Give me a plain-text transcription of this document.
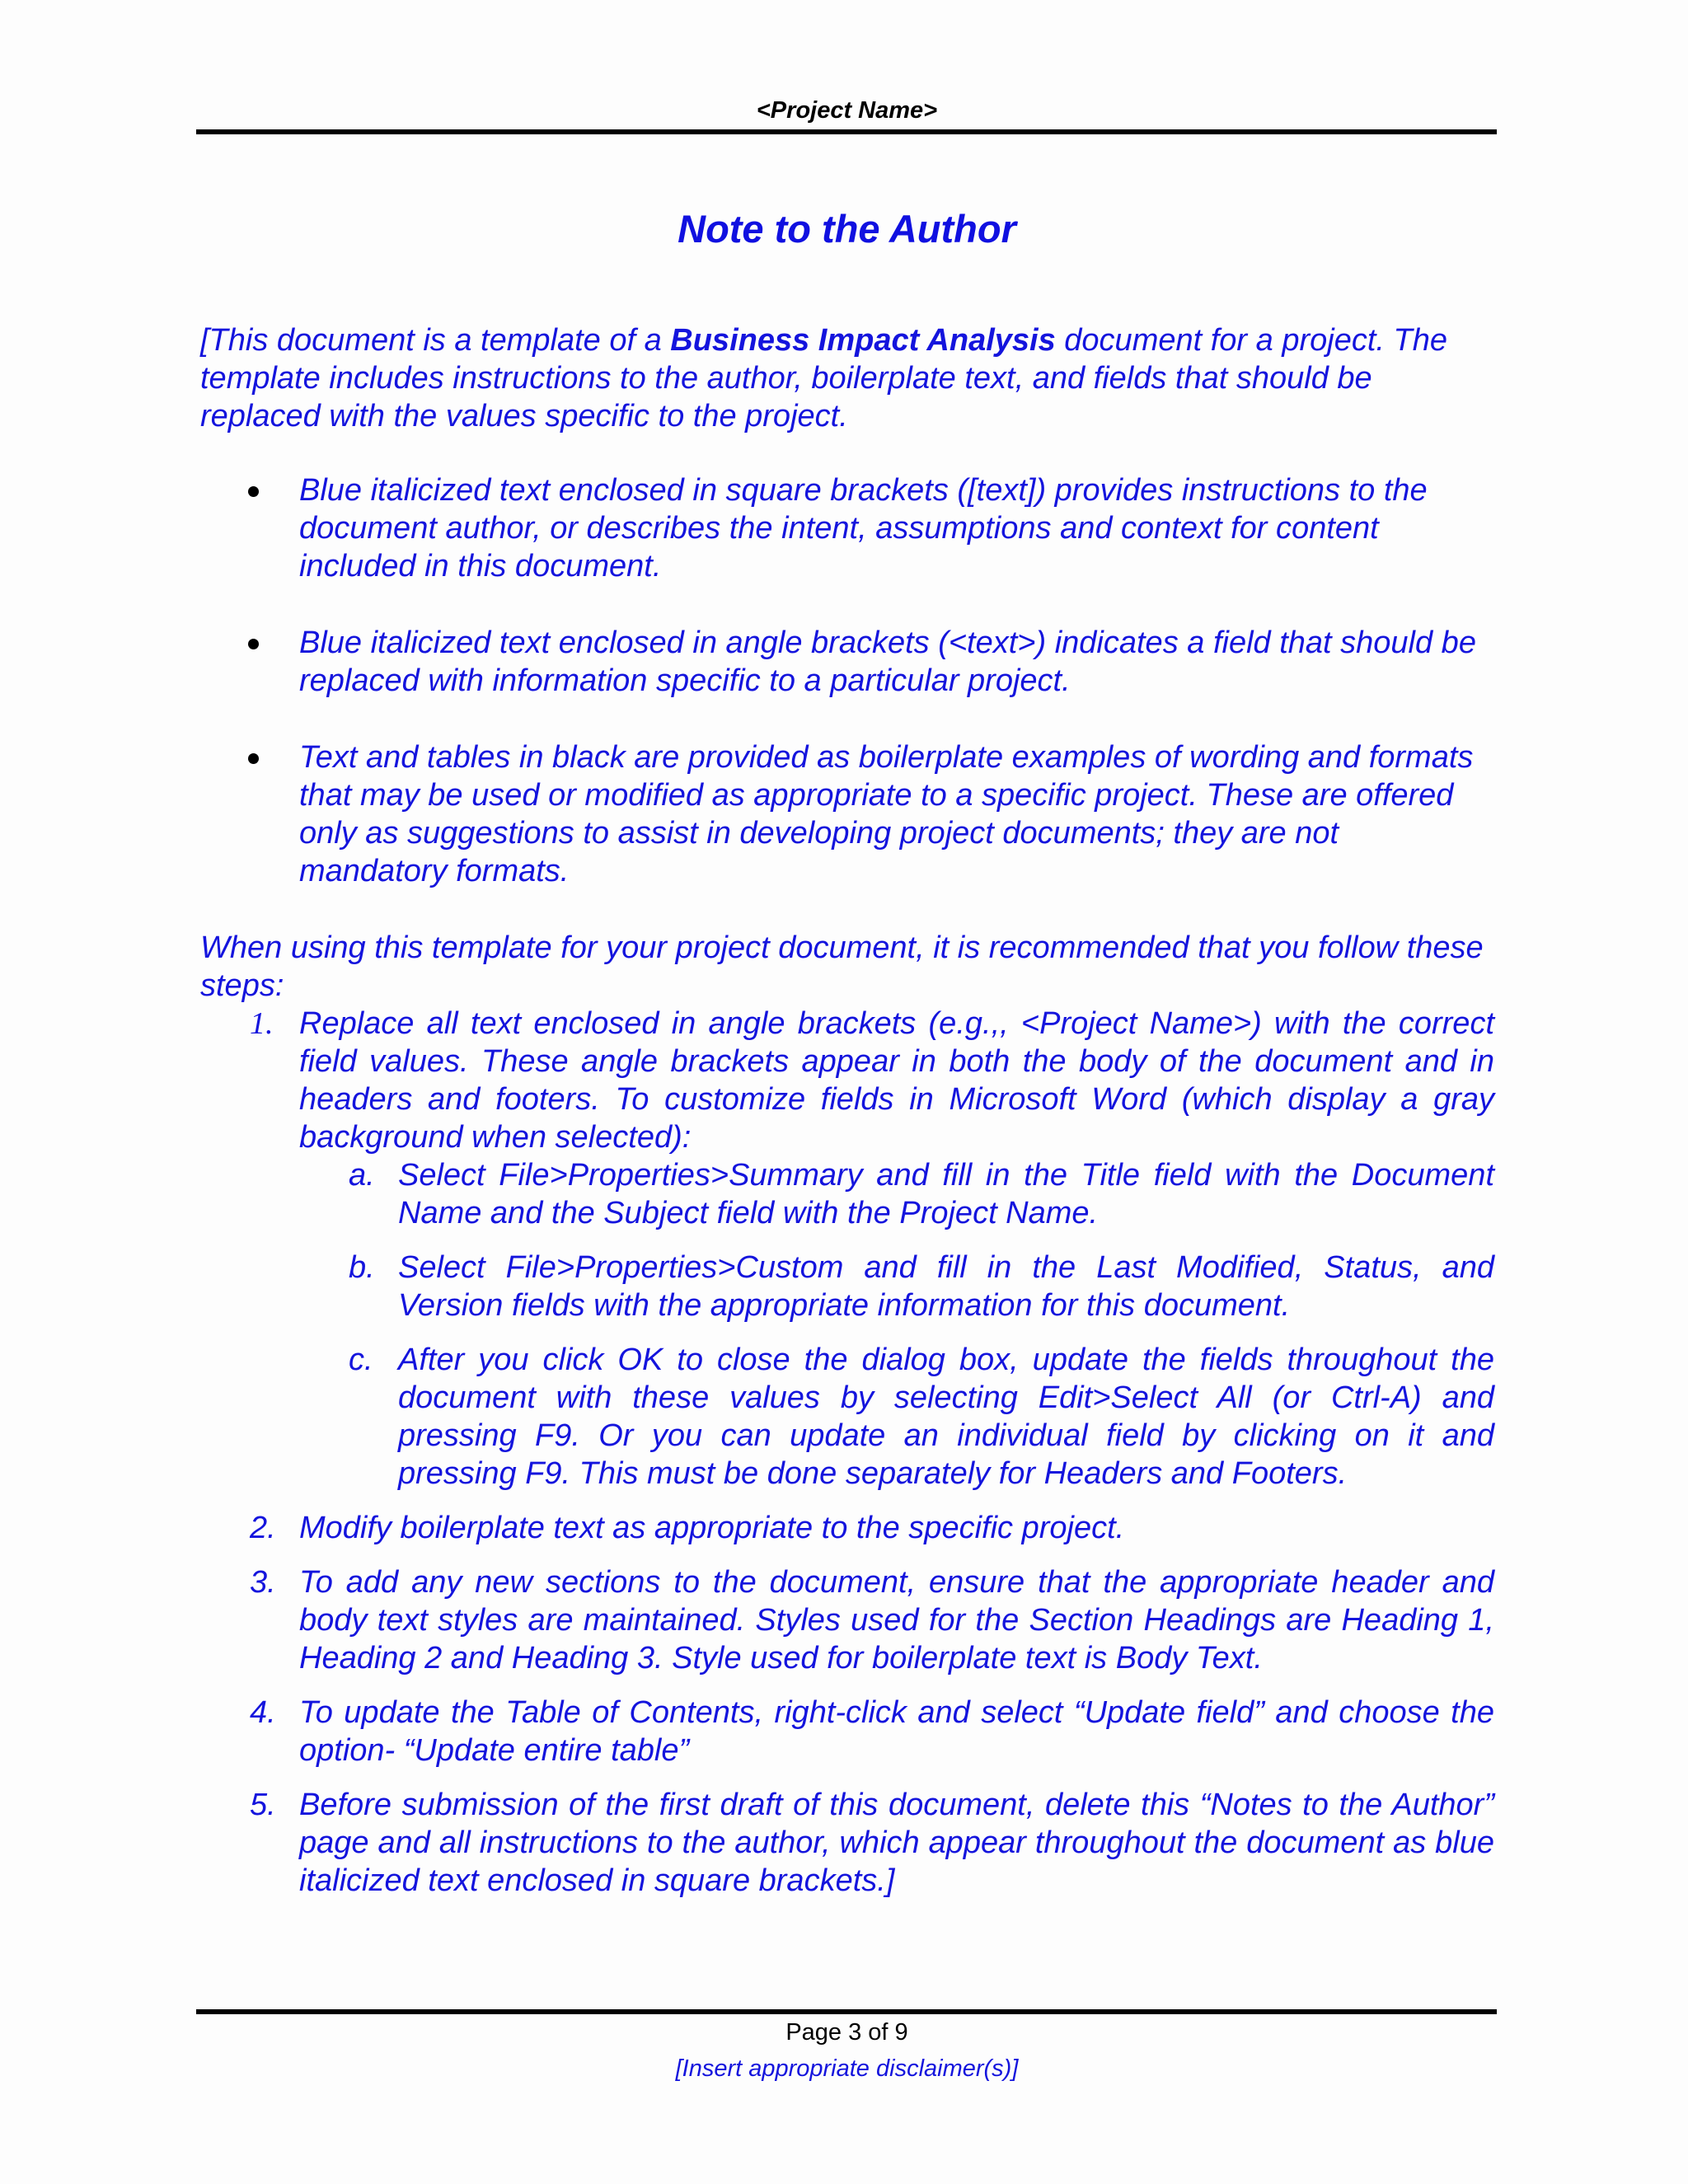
<Project Name>
Note to the Author

[This document is a template of a Business Impact Analysis document for a project. The template includes instructions to the author, boilerplate text, and fields that should be replaced with the values specific to the project.

Blue italicized text enclosed in square brackets ([text]) provides instructions to the document author, or describes the intent, assumptions and context for content included in this document.
Blue italicized text enclosed in angle brackets (<text>) indicates a field that should be replaced with information specific to a particular project.
Text and tables in black are provided as boilerplate examples of wording and formats that may be used or modified as appropriate to a specific project. These are offered only as suggestions to assist in developing project documents; they are not mandatory formats.

When using this template for your project document, it is recommended that you follow these steps:

1. Replace all text enclosed in angle brackets (e.g.,, <Project Name>) with the correct field values. These angle brackets appear in both the body of the document and in headers and footers. To customize fields in Microsoft Word (which display a gray background when selected):
a. Select File>Properties>Summary and fill in the Title field with the Document Name and the Subject field with the Project Name.
b. Select File>Properties>Custom and fill in the Last Modified, Status, and Version fields with the appropriate information for this document.
c. After you click OK to close the dialog box, update the fields throughout the document with these values by selecting Edit>Select All (or Ctrl-A) and pressing F9. Or you can update an individual field by clicking on it and pressing F9. This must be done separately for Headers and Footers.
2. Modify boilerplate text as appropriate to the specific project.
3. To add any new sections to the document, ensure that the appropriate header and body text styles are maintained. Styles used for the Section Headings are Heading 1, Heading 2 and Heading 3. Style used for boilerplate text is Body Text.
4. To update the Table of Contents, right-click and select “Update field” and choose the option- “Update entire table”
5. Before submission of the first draft of this document, delete this “Notes to the Author” page and all instructions to the author, which appear throughout the document as blue italicized text enclosed in square brackets.]
Page 3 of 9
[Insert appropriate disclaimer(s)]
